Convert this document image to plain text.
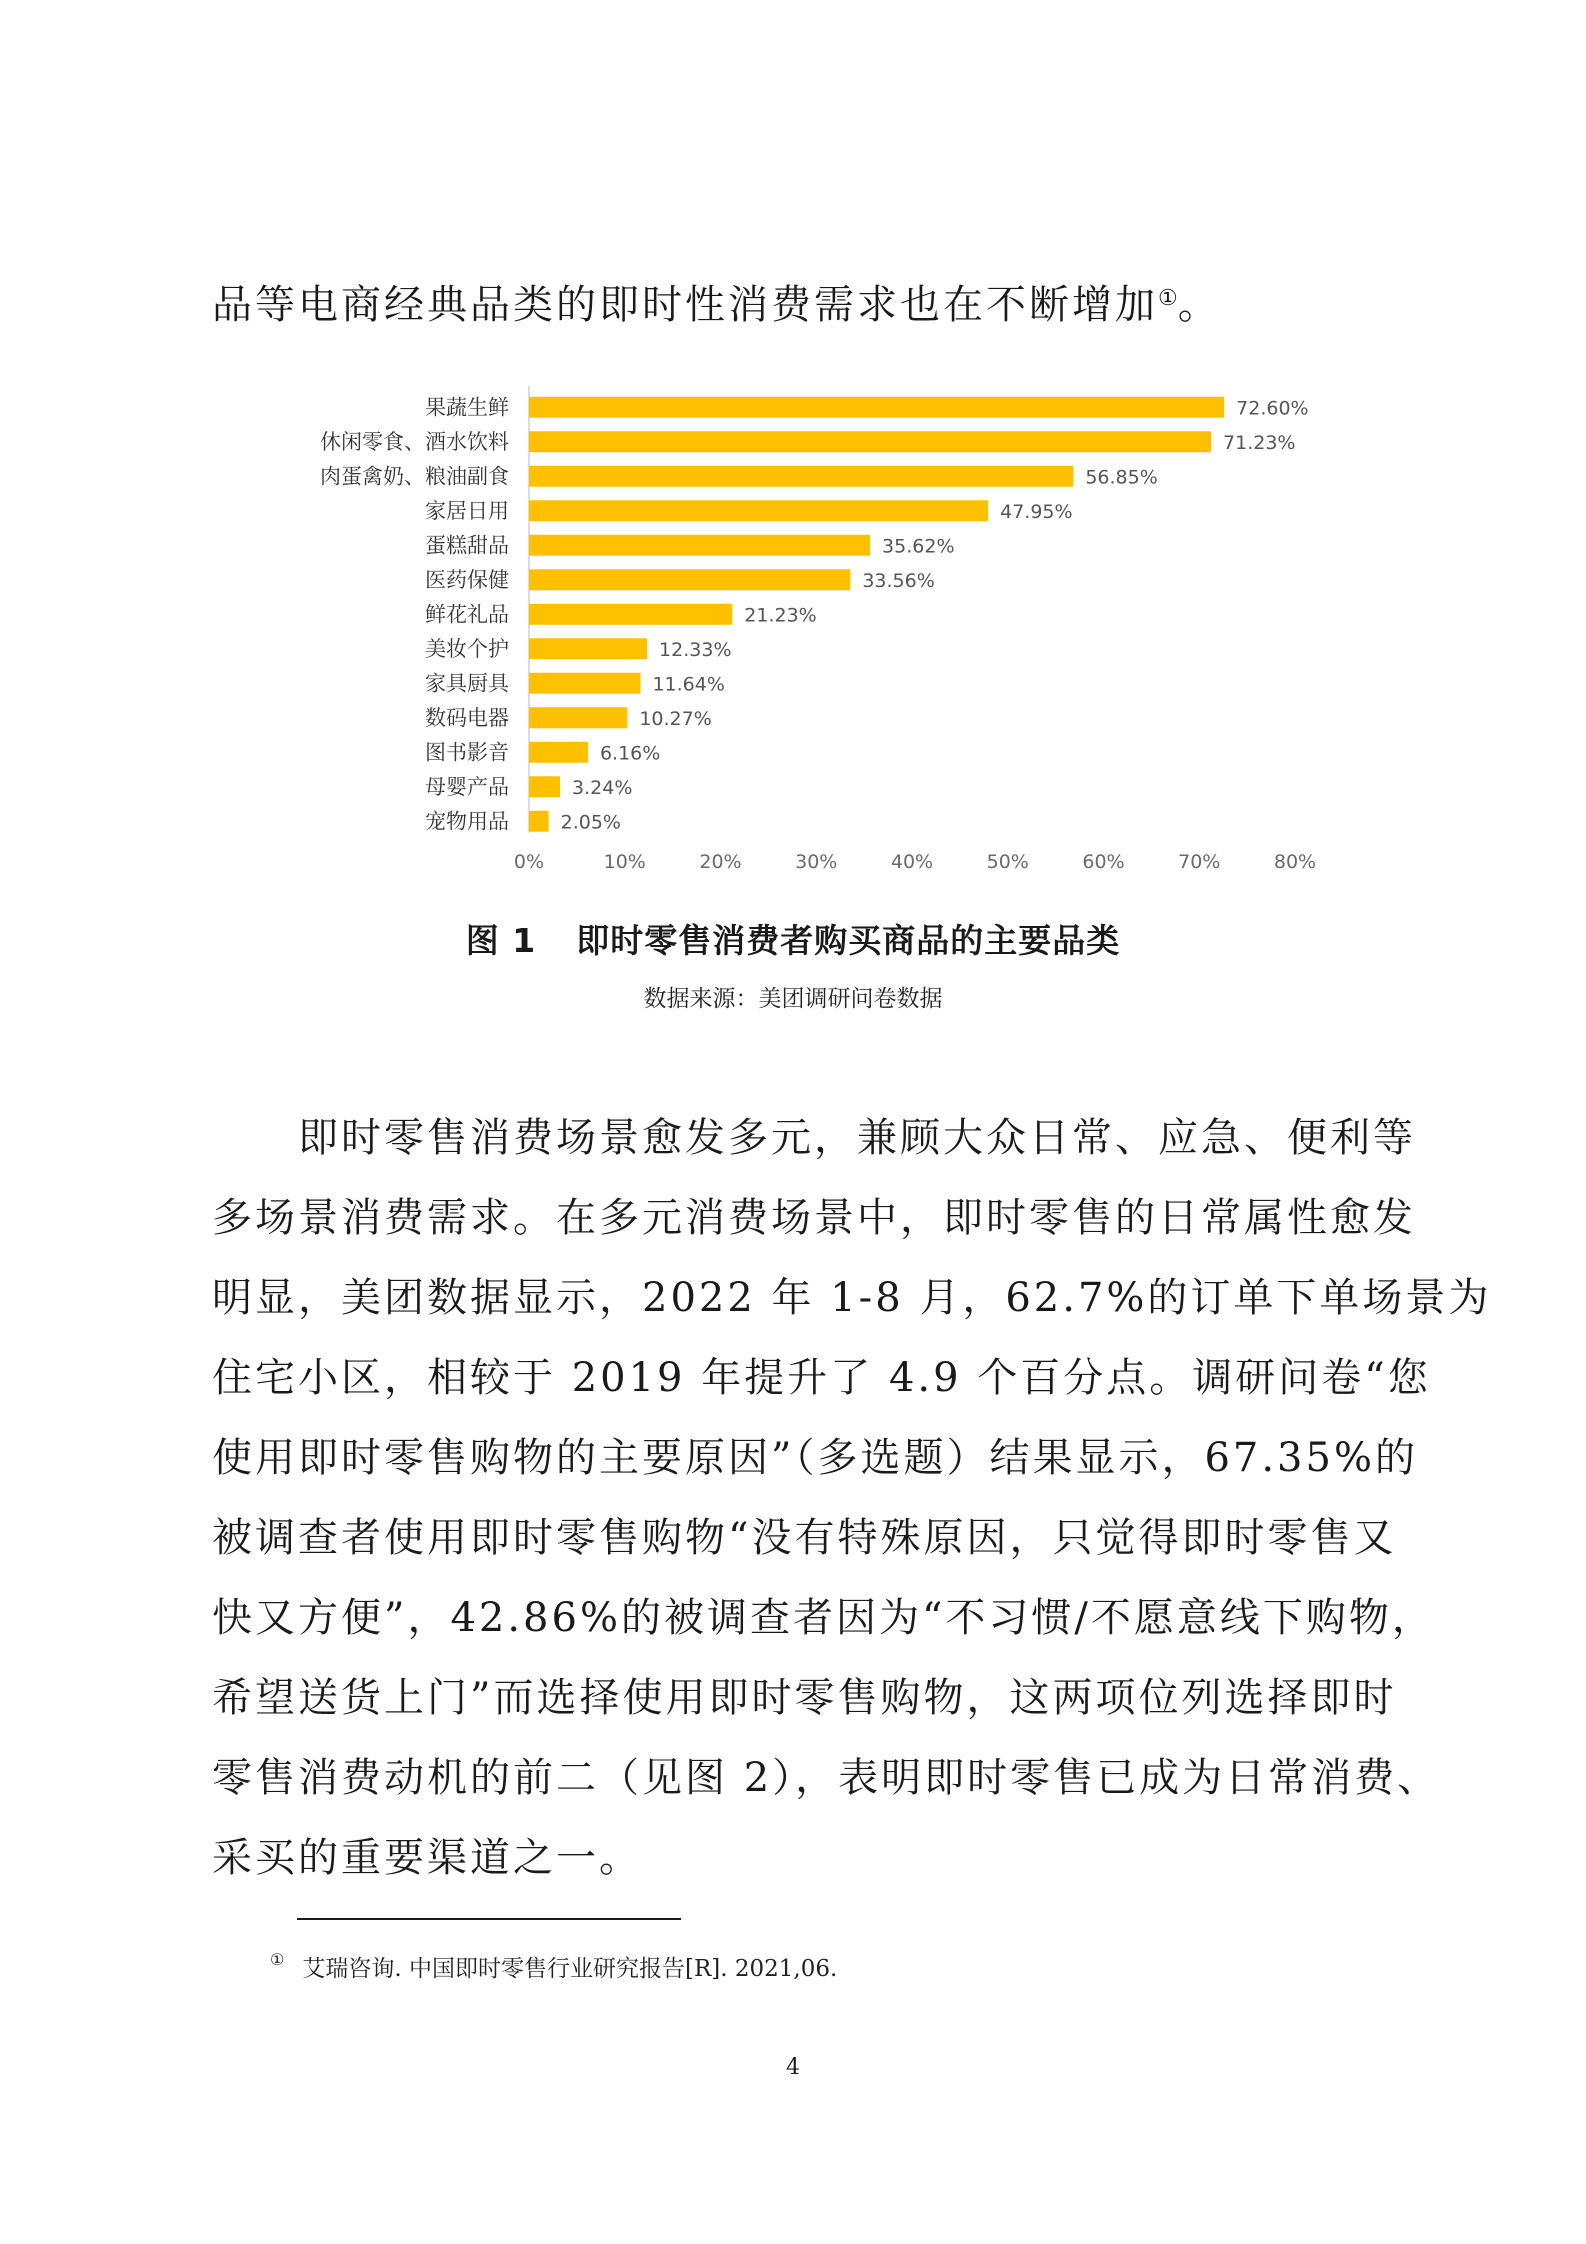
品等电商经典品类的即时性消费需求也在不断增加①。
果蔬生鲜
休闲零食、酒水饮料
肉蛋禽奶、粮油副食
家居日用
蛋糕甜品
医药保健
鲜花礼品
美妆个护
家具厨具
数码电器
图书影音
母婴产品
宠物用品
72.60%
71.23%
56.85%
47.95%
35.62%
33.56%
21.23%
12.33%
11.64%
10.27%
6.16%
3.24%
2.05%
0%	10%	20%	30%	40%	50%	60%	70%	80%
图 1 即时零售消费者购买商品的主要品类
数据来源：美团调研问卷数据
　　即时零售消费场景愈发多元，兼顾大众日常、应急、便利等
多场景消费需求。在多元消费场景中，即时零售的日常属性愈发
明显，美团数据显示，2022 年 1-8 月，62.7%的订单下单场景为
住宅小区，相较于 2019 年提升了 4.9 个百分点。调研问卷“您
使用即时零售购物的主要原因”（多选题）结果显示，67.35%的
被调查者使用即时零售购物“没有特殊原因，只觉得即时零售又
快又方便”，42.86%的被调查者因为“不习惯/不愿意线下购物，
希望送货上门”而选择使用即时零售购物，这两项位列选择即时
零售消费动机的前二（见图 2），表明即时零售已成为日常消费、
采买的重要渠道之一。
① 艾瑞咨询. 中国即时零售行业研究报告[R]. 2021,06.
4
